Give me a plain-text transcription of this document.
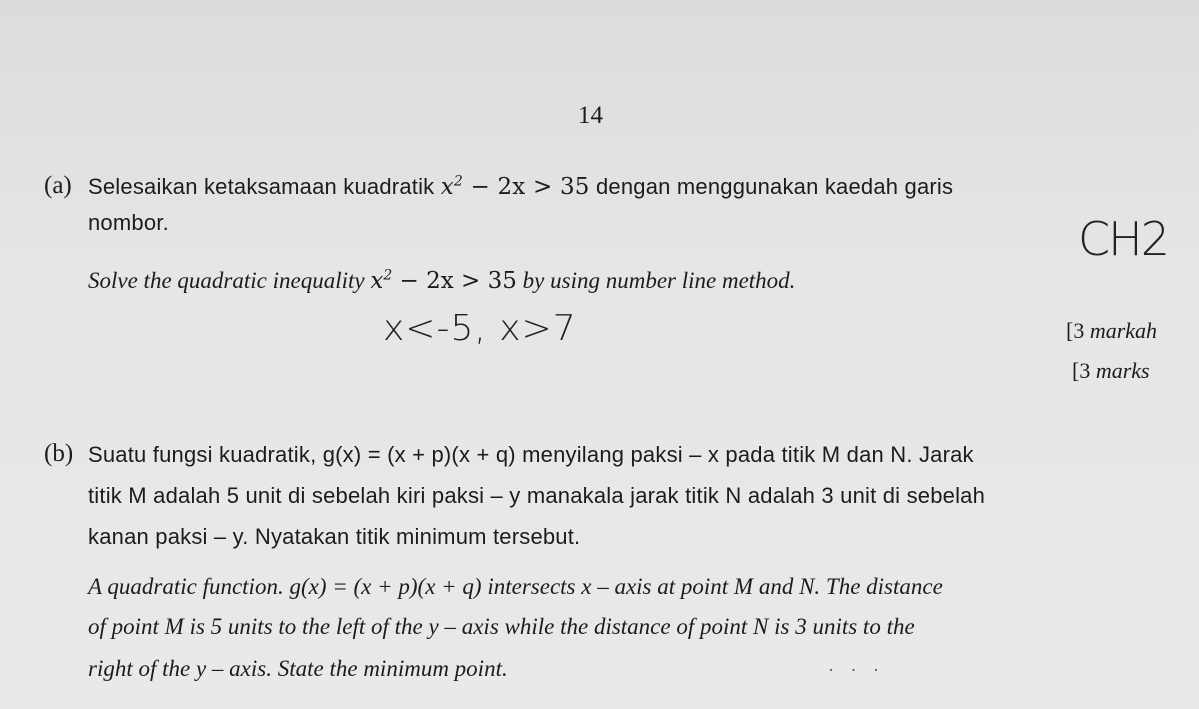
14
(a) Selesaikan ketaksamaan kuadratik $x^2 - 2x > 35$ dengan menggunakan kaedah garis
nombor.
Solve the quadratic inequality $x^2 - 2x > 35$ by using number line method.
CH2
x<-5, x>7	[3 markah
[3 marks
(b) Suatu fungsi kuadratik, g(x) = (x + p)(x + q) menyilang paksi – x pada titik M dan N. Jarak
titik M adalah 5 unit di sebelah kiri paksi – y manakala jarak titik N adalah 3 unit di sebelah
kanan paksi – y. Nyatakan titik minimum tersebut.
A quadratic function. g(x) = (x + p)(x + q) intersects x – axis at point M and N. The distance
of point M is 5 units to the left of the y – axis while the distance of point N is 3 units to the
right of the y – axis. State the minimum point.	· · ·
